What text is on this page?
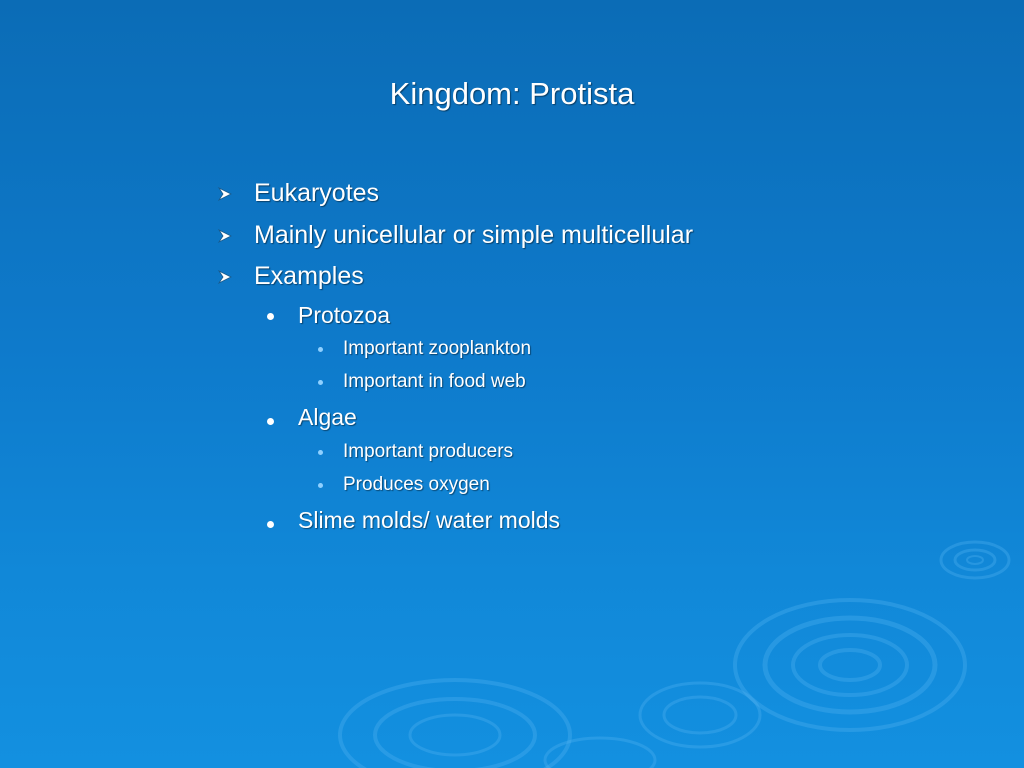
Kingdom: Protista
Eukaryotes
Mainly unicellular or simple multicellular
Examples
Protozoa
Important zooplankton
Important in food web
Algae
Important producers
Produces oxygen
Slime molds/ water molds
